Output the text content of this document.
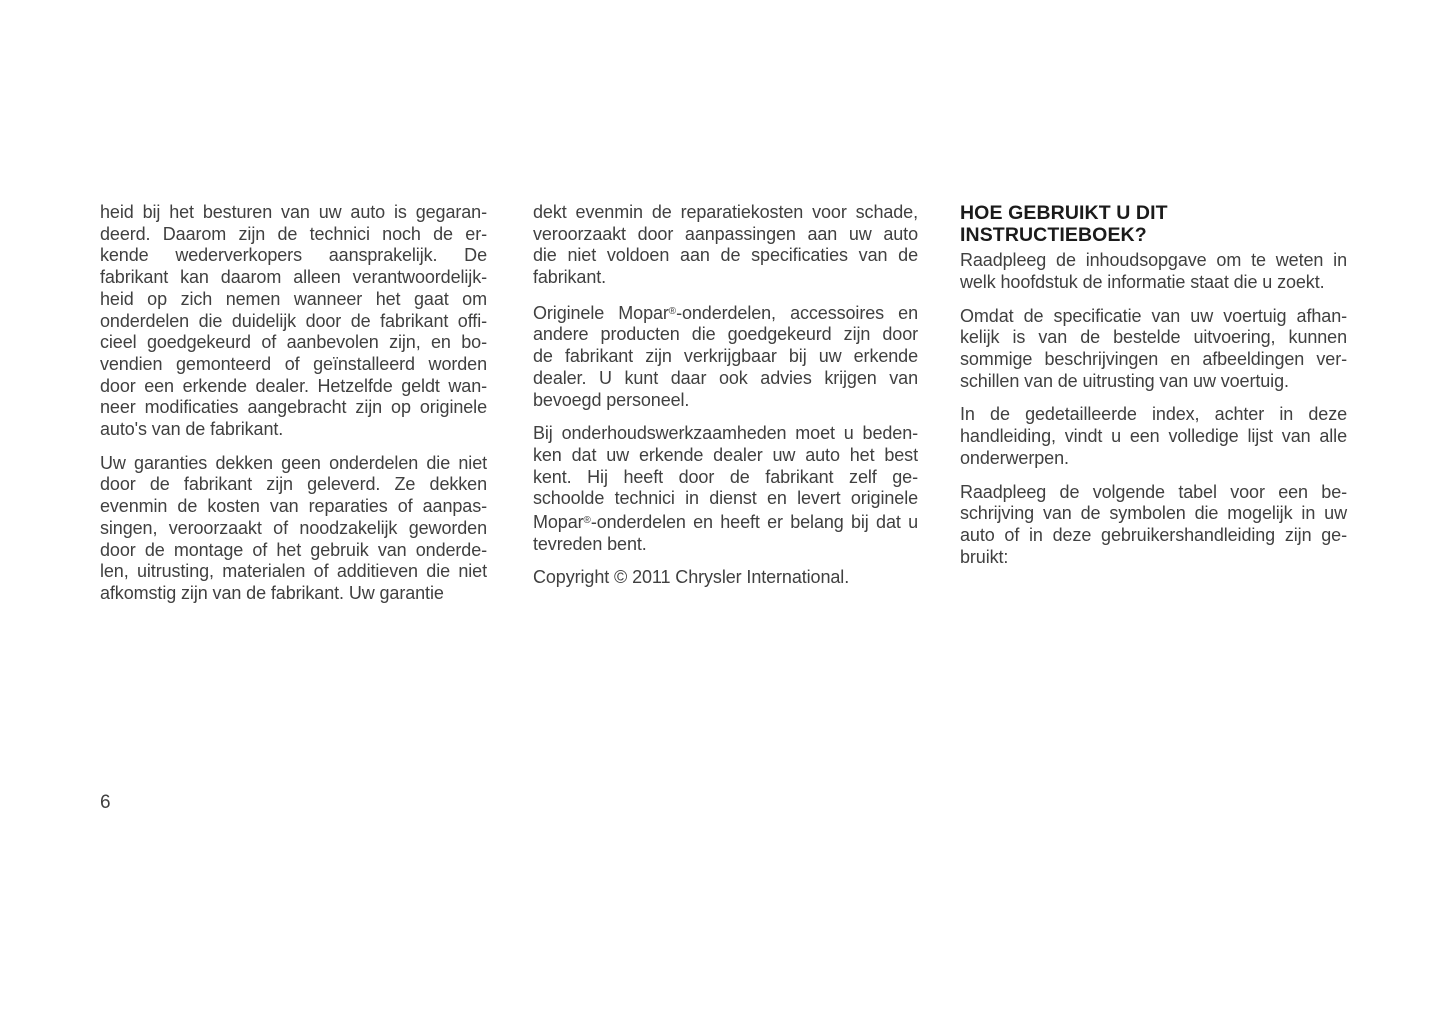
heid bij het besturen van uw auto is gegaran-
deerd. Daarom zijn de technici noch de er-
kende wederverkopers aansprakelijk. De
fabrikant kan daarom alleen verantwoordelijk-
heid op zich nemen wanneer het gaat om
onderdelen die duidelijk door de fabrikant offi-
cieel goedgekeurd of aanbevolen zijn, en bo-
vendien gemonteerd of geïnstalleerd worden
door een erkende dealer. Hetzelfde geldt wan-
neer modificaties aangebracht zijn op originele
auto's van de fabrikant.

Uw garanties dekken geen onderdelen die niet
door de fabrikant zijn geleverd. Ze dekken
evenmin de kosten van reparaties of aanpas-
singen, veroorzaakt of noodzakelijk geworden
door de montage of het gebruik van onderde-
len, uitrusting, materialen of additieven die niet
afkomstig zijn van de fabrikant. Uw garantie

dekt evenmin de reparatiekosten voor schade,
veroorzaakt door aanpassingen aan uw auto
die niet voldoen aan de specificaties van de
fabrikant.

Originele Mopar®-onderdelen, accessoires en
andere producten die goedgekeurd zijn door
de fabrikant zijn verkrijgbaar bij uw erkende
dealer. U kunt daar ook advies krijgen van
bevoegd personeel.

Bij onderhoudswerkzaamheden moet u beden-
ken dat uw erkende dealer uw auto het best
kent. Hij heeft door de fabrikant zelf ge-
schoolde technici in dienst en levert originele
Mopar®-onderdelen en heeft er belang bij dat u
tevreden bent.

Copyright © 2011 Chrysler International.

HOE GEBRUIKT U DIT
INSTRUCTIEBOEK?

Raadpleeg de inhoudsopgave om te weten in
welk hoofdstuk de informatie staat die u zoekt.

Omdat de specificatie van uw voertuig afhan-
kelijk is van de bestelde uitvoering, kunnen
sommige beschrijvingen en afbeeldingen ver-
schillen van de uitrusting van uw voertuig.

In de gedetailleerde index, achter in deze
handleiding, vindt u een volledige lijst van alle
onderwerpen.

Raadpleeg de volgende tabel voor een be-
schrijving van de symbolen die mogelijk in uw
auto of in deze gebruikershandleiding zijn ge-
bruikt:

6
